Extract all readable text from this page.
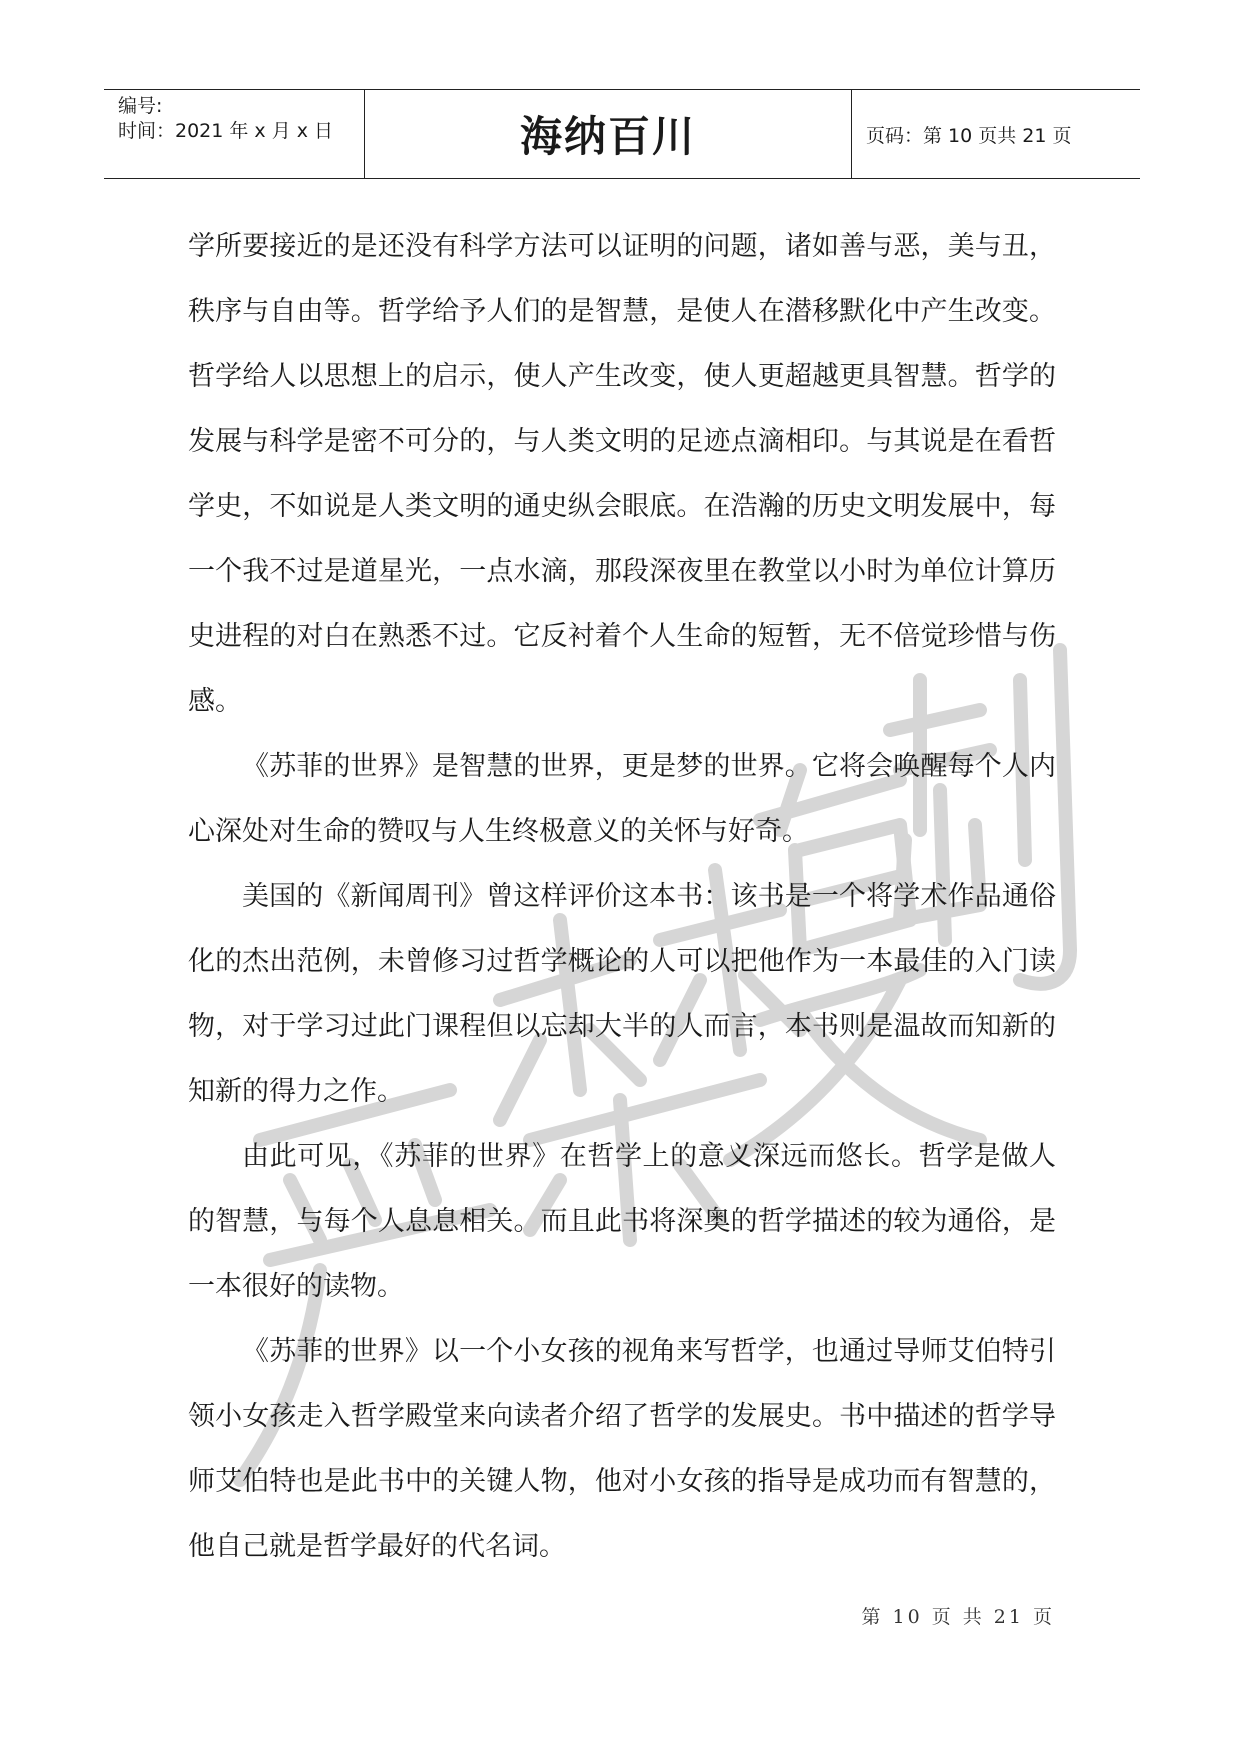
编号:
时间：2021 年 x 月 x 日	海纳百川	页码：第 10 页共 21 页

学所要接近的是还没有科学方法可以证明的问题，诸如善与恶，美与丑，秩序与自由等。哲学给予人们的是智慧，是使人在潜移默化中产生改变。哲学给人以思想上的启示，使人产生改变，使人更超越更具智慧。哲学的发展与科学是密不可分的，与人类文明的足迹点滴相印。与其说是在看哲学史，不如说是人类文明的通史纵会眼底。在浩瀚的历史文明发展中，每一个我不过是道星光，一点水滴，那段深夜里在教堂以小时为单位计算历史进程的对白在熟悉不过。它反衬着个人生命的短暂，无不倍觉珍惜与伤感。

《苏菲的世界》是智慧的世界，更是梦的世界。它将会唤醒每个人内心深处对生命的赞叹与人生终极意义的关怀与好奇。

美国的《新闻周刊》曾这样评价这本书：该书是一个将学术作品通俗化的杰出范例，未曾修习过哲学概论的人可以把他作为一本最佳的入门读物，对于学习过此门课程但以忘却大半的人而言，本书则是温故而知新的知新的得力之作。

由此可见，《苏菲的世界》在哲学上的意义深远而悠长。哲学是做人的智慧，与每个人息息相关。而且此书将深奥的哲学描述的较为通俗，是一本很好的读物。

《苏菲的世界》以一个小女孩的视角来写哲学，也通过导师艾伯特引领小女孩走入哲学殿堂来向读者介绍了哲学的发展史。书中描述的哲学导师艾伯特也是此书中的关键人物，他对小女孩的指导是成功而有智慧的，他自己就是哲学最好的代名词。

第 10 页 共 21 页
